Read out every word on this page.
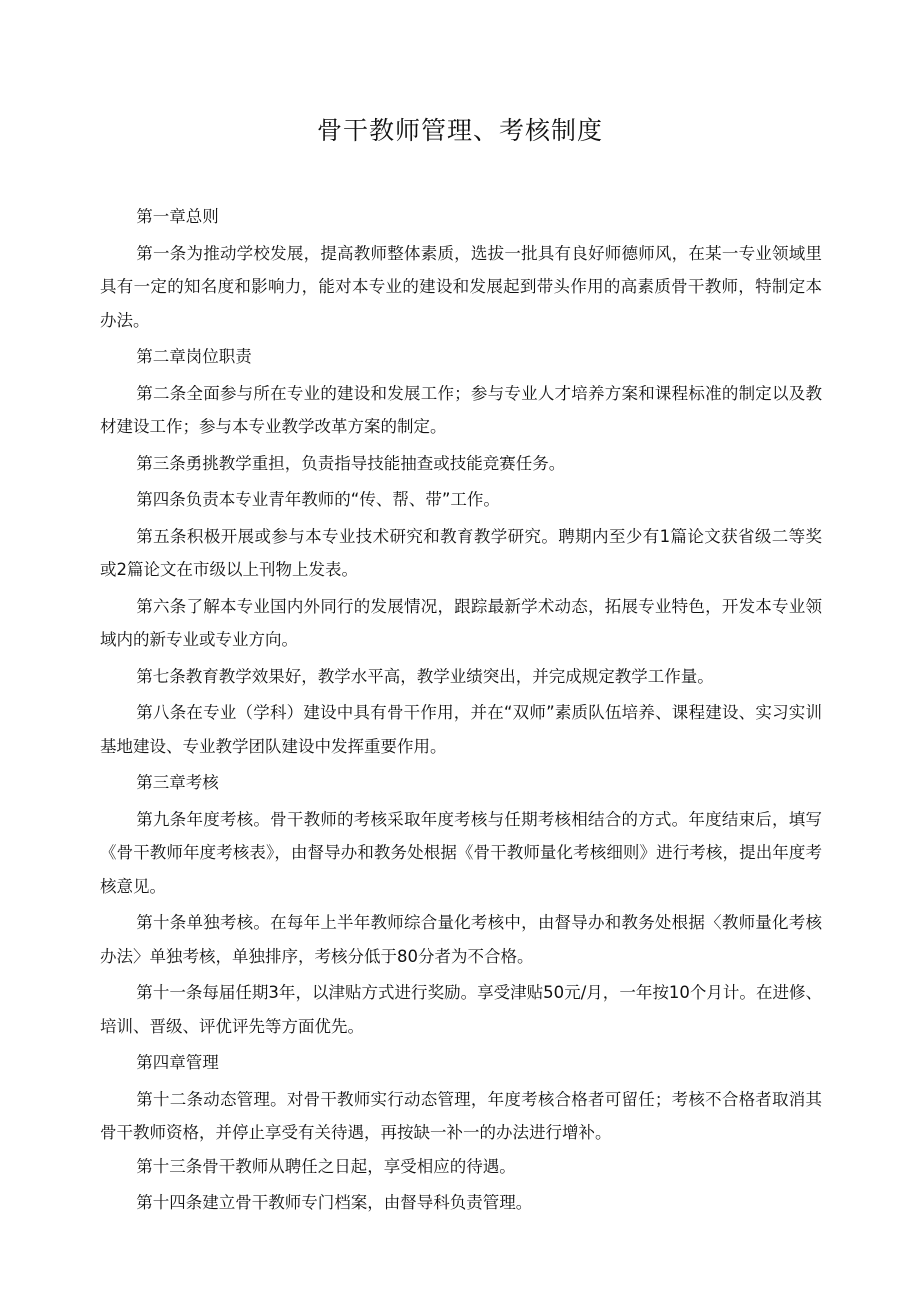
骨干教师管理、考核制度

第一章总则

第一条为推动学校发展，提高教师整体素质，选拔一批具有良好师德师风，在某一专业领域里具有一定的知名度和影响力，能对本专业的建设和发展起到带头作用的高素质骨干教师，特制定本办法。

第二章岗位职责

第二条全面参与所在专业的建设和发展工作；参与专业人才培养方案和课程标准的制定以及教材建设工作；参与本专业教学改革方案的制定。

第三条勇挑教学重担，负责指导技能抽查或技能竞赛任务。

第四条负责本专业青年教师的“传、帮、带”工作。

第五条积极开展或参与本专业技术研究和教育教学研究。聘期内至少有1篇论文获省级二等奖或2篇论文在市级以上刊物上发表。

第六条了解本专业国内外同行的发展情况，跟踪最新学术动态，拓展专业特色，开发本专业领域内的新专业或专业方向。

第七条教育教学效果好，教学水平高，教学业绩突出，并完成规定教学工作量。

第八条在专业（学科）建设中具有骨干作用，并在“双师”素质队伍培养、课程建设、实习实训基地建设、专业教学团队建设中发挥重要作用。

第三章考核

第九条年度考核。骨干教师的考核采取年度考核与任期考核相结合的方式。年度结束后，填写《骨干教师年度考核表》，由督导办和教务处根据《骨干教师量化考核细则》进行考核，提出年度考核意见。

第十条单独考核。在每年上半年教师综合量化考核中，由督导办和教务处根据〈教师量化考核办法〉单独考核，单独排序，考核分低于80分者为不合格。

第十一条每届任期3年，以津贴方式进行奖励。享受津贴50元/月，一年按10个月计。在进修、培训、晋级、评优评先等方面优先。

第四章管理

第十二条动态管理。对骨干教师实行动态管理，年度考核合格者可留任；考核不合格者取消其骨干教师资格，并停止享受有关待遇，再按缺一补一的办法进行增补。

第十三条骨干教师从聘任之日起，享受相应的待遇。

第十四条建立骨干教师专门档案，由督导科负责管理。
